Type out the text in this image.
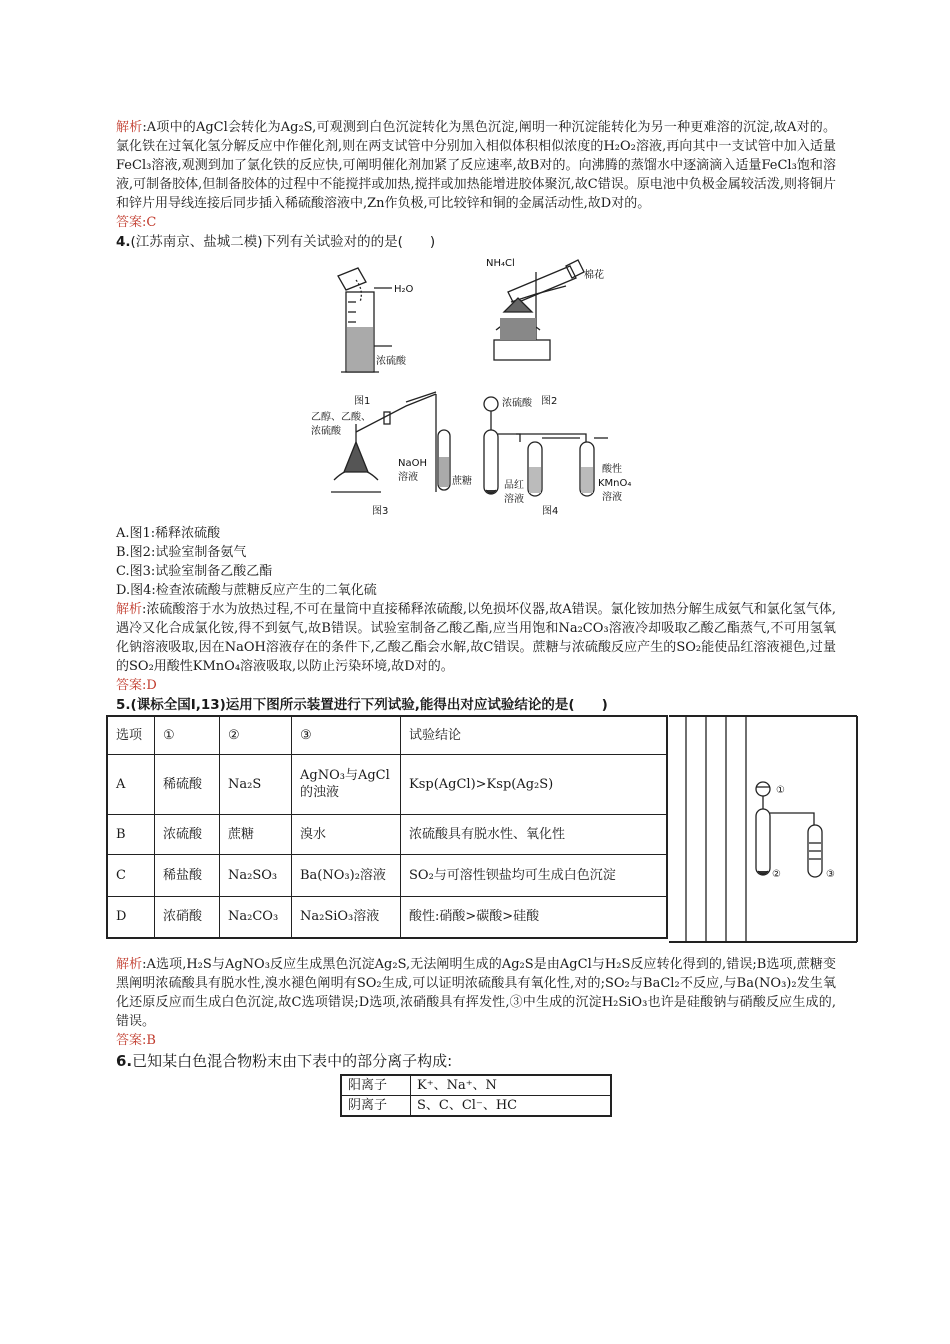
解析:A项中的AgCl会转化为Ag₂S,可观测到白色沉淀转化为黑色沉淀,阐明一种沉淀能转化为另一种更难溶的沉淀,故A对的。氯化铁在过氧化氢分解反应中作催化剂,则在两支试管中分别加入相似体积相似浓度的H₂O₂溶液,再向其中一支试管中加入适量FeCl₃溶液,观测到加了氯化铁的反应快,可阐明催化剂加紧了反应速率,故B对的。向沸腾的蒸馏水中逐滴滴入适量FeCl₃饱和溶液,可制备胶体,但制备胶体的过程中不能搅拌或加热,搅拌或加热能增进胶体聚沉,故C错误。原电池中负极金属较活泼,则将铜片和锌片用导线连接后同步插入稀硫酸溶液中,Zn作负极,可比较锌和铜的金属活动性,故D对的。

答案:C

4.(江苏南京、盐城二模)下列有关试验对的的是(　　)

H₂O
浓硫酸
图1
NH₄Cl
棉花
图2
乙醇、乙酸、
浓硫酸
NaOH
溶液
图3
浓硫酸
蔗糖	品红
溶液
酸性
KMnO₄
溶液
图4

A.图1:稀释浓硫酸

B.图2:试验室制备氨气

C.图3:试验室制备乙酸乙酯

D.图4:检查浓硫酸与蔗糖反应产生的二氧化硫

解析:浓硫酸溶于水为放热过程,不可在量筒中直接稀释浓硫酸,以免损坏仪器,故A错误。氯化铵加热分解生成氨气和氯化氢气体,遇冷又化合成氯化铵,得不到氨气,故B错误。试验室制备乙酸乙酯,应当用饱和Na₂CO₃溶液冷却吸取乙酸乙酯蒸气,不可用氢氧化钠溶液吸取,因在NaOH溶液存在的条件下,乙酸乙酯会水解,故C错误。蔗糖与浓硫酸反应产生的SO₂能使品红溶液褪色,过量的SO₂用酸性KMnO₄溶液吸取,以防止污染环境,故D对的。

答案:D

5.(课标全国Ⅰ,13)运用下图所示装置进行下列试验,能得出对应试验结论的是(　　)

选项	①	②	③	试验结论
A	稀硫酸	Na₂S	AgNO₃与AgCl的浊液	Ksp(AgCl)>Ksp(Ag₂S)
B	浓硫酸	蔗糖	溴水	浓硫酸具有脱水性、氧化性
C	稀盐酸	Na₂SO₃	Ba(NO₃)₂溶液	SO₂与可溶性钡盐均可生成白色沉淀
D	浓硝酸	Na₂CO₃	Na₂SiO₃溶液	酸性:硝酸>碳酸>硅酸
①
②	③

解析:A选项,H₂S与AgNO₃反应生成黑色沉淀Ag₂S,无法阐明生成的Ag₂S是由AgCl与H₂S反应转化得到的,错误;B选项,蔗糖变黑阐明浓硫酸具有脱水性,溴水褪色阐明有SO₂生成,可以证明浓硫酸具有氧化性,对的;SO₂与BaCl₂不反应,与Ba(NO₃)₂发生氧化还原反应而生成白色沉淀,故C选项错误;D选项,浓硝酸具有挥发性,③中生成的沉淀H₂SiO₃也许是硅酸钠与硝酸反应生成的,错误。

答案:B

6.已知某白色混合物粉末由下表中的部分离子构成:

阳离子	K⁺、Na⁺、N
阴离子	S、C、Cl⁻、HC
